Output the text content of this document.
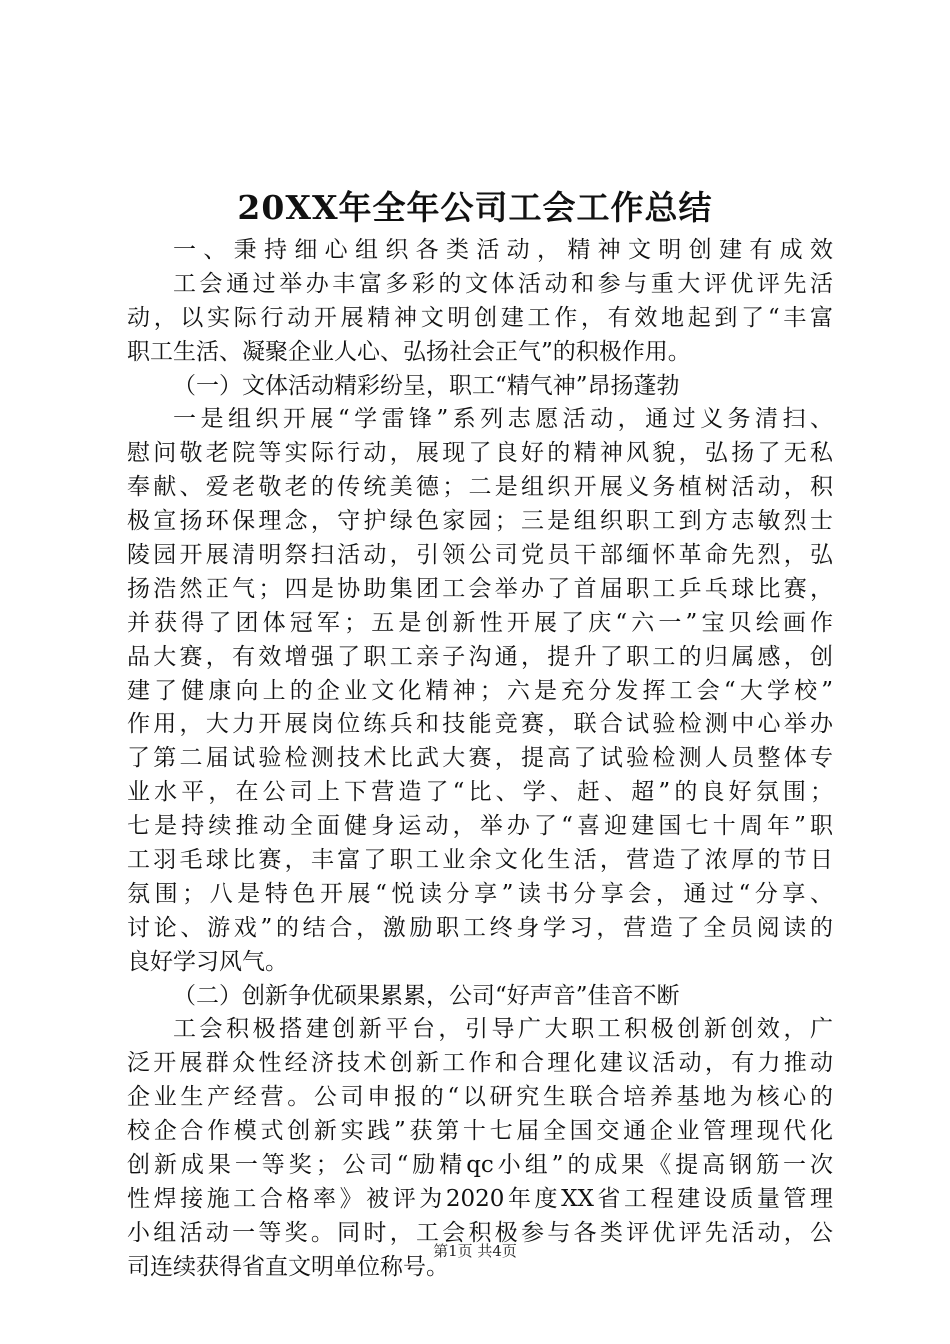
20XX年全年公司工会工作总结
一、秉持细心组织各类活动，精神文明创建有成效
工会通过举办丰富多彩的文体活动和参与重大评优评先活
动，以实际行动开展精神文明创建工作，有效地起到了“丰富
职工生活、凝聚企业人心、弘扬社会正气”的积极作用。
（一）文体活动精彩纷呈，职工“精气神”昂扬蓬勃
一是组织开展“学雷锋”系列志愿活动，通过义务清扫、
慰问敬老院等实际行动，展现了良好的精神风貌，弘扬了无私
奉献、爱老敬老的传统美德；二是组织开展义务植树活动，积
极宣扬环保理念，守护绿色家园；三是组织职工到方志敏烈士
陵园开展清明祭扫活动，引领公司党员干部缅怀革命先烈，弘
扬浩然正气；四是协助集团工会举办了首届职工乒乓球比赛，
并获得了团体冠军；五是创新性开展了庆“六一”宝贝绘画作
品大赛，有效增强了职工亲子沟通，提升了职工的归属感，创
建了健康向上的企业文化精神；六是充分发挥工会“大学校”
作用，大力开展岗位练兵和技能竞赛，联合试验检测中心举办
了第二届试验检测技术比武大赛，提高了试验检测人员整体专
业水平，在公司上下营造了“比、学、赶、超”的良好氛围；
七是持续推动全面健身运动，举办了“喜迎建国七十周年”职
工羽毛球比赛，丰富了职工业余文化生活，营造了浓厚的节日
氛围；八是特色开展“悦读分享”读书分享会，通过“分享、
讨论、游戏”的结合，激励职工终身学习，营造了全员阅读的
良好学习风气。
（二）创新争优硕果累累，公司“好声音”佳音不断
工会积极搭建创新平台，引导广大职工积极创新创效，广
泛开展群众性经济技术创新工作和合理化建议活动，有力推动
企业生产经营。公司申报的“以研究生联合培养基地为核心的
校企合作模式创新实践”获第十七届全国交通企业管理现代化
创新成果一等奖；公司“励精qc小组”的成果《提高钢筋一次
性焊接施工合格率》被评为2020年度XX省工程建设质量管理
小组活动一等奖。同时，工会积极参与各类评优评先活动，公
司连续获得省直文明单位称号。
第1页 共4页
